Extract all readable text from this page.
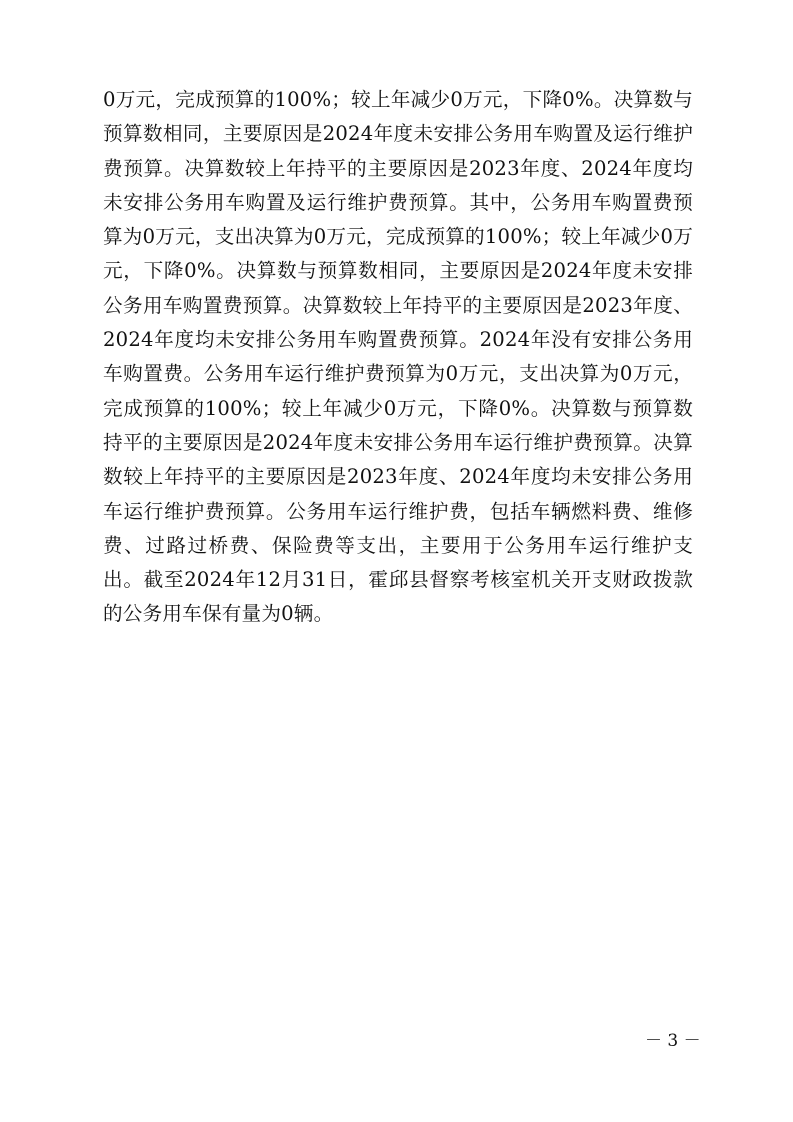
0万元，完成预算的100%；较上年减少0万元，下降0%。决算数与预算数相同，主要原因是2024年度未安排公务用车购置及运行维护费预算。决算数较上年持平的主要原因是2023年度、2024年度均未安排公务用车购置及运行维护费预算。其中，公务用车购置费预算为0万元，支出决算为0万元，完成预算的100%；较上年减少0万元，下降0%。决算数与预算数相同，主要原因是2024年度未安排公务用车购置费预算。决算数较上年持平的主要原因是2023年度、2024年度均未安排公务用车购置费预算。2024年没有安排公务用车购置费。公务用车运行维护费预算为0万元，支出决算为0万元，完成预算的100%；较上年减少0万元，下降0%。决算数与预算数持平的主要原因是2024年度未安排公务用车运行维护费预算。决算数较上年持平的主要原因是2023年度、2024年度均未安排公务用车运行维护费预算。公务用车运行维护费，包括车辆燃料费、维修费、过路过桥费、保险费等支出，主要用于公务用车运行维护支出。截至2024年12月31日，霍邱县督察考核室机关开支财政拨款的公务用车保有量为0辆。

－ 3 －
